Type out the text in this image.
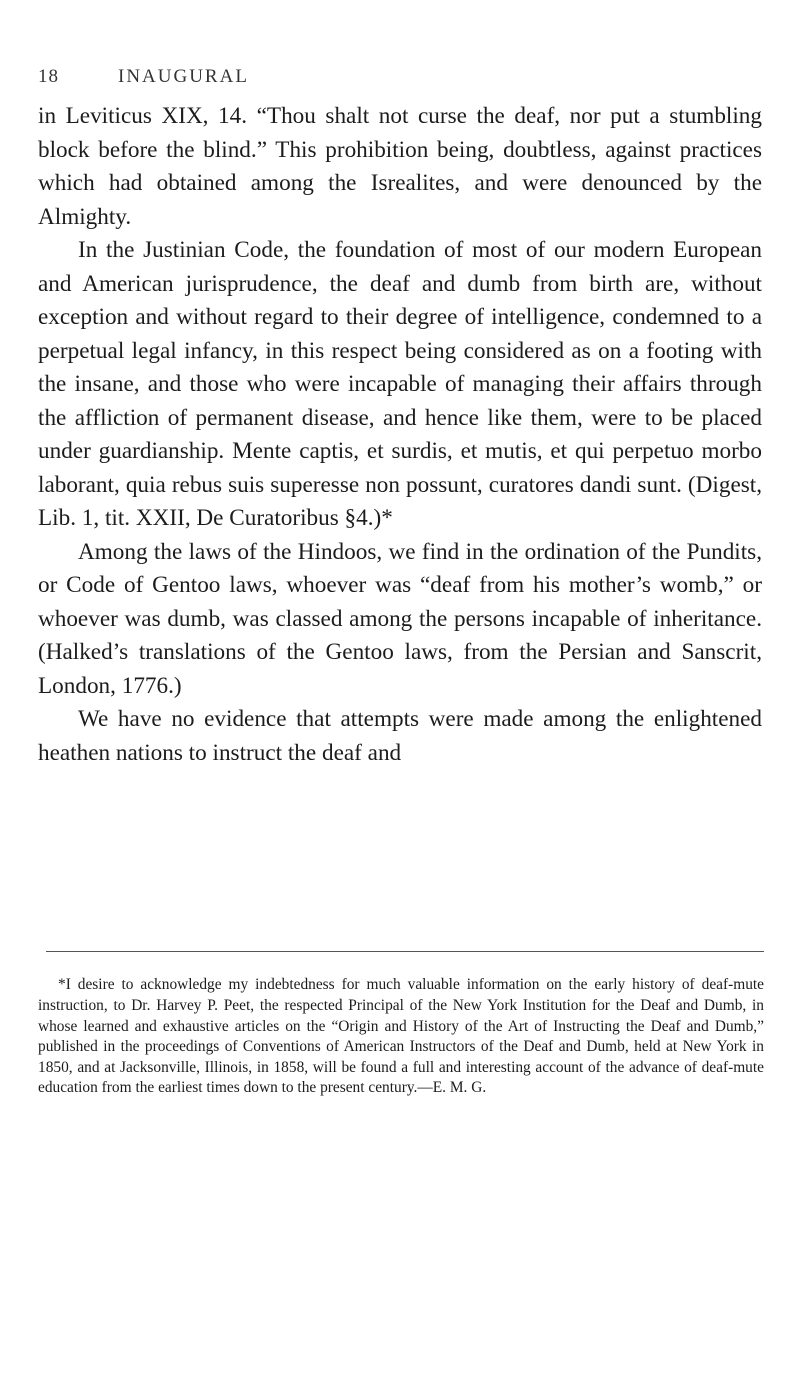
18	INAUGURAL

in Leviticus XIX, 14. “Thou shalt not curse the deaf, nor put a stumbling block before the blind.” This prohibition being, doubtless, against practices which had obtained among the Isrealites, and were denounced by the Almighty.

In the Justinian Code, the foundation of most of our modern European and American jurisprudence, the deaf and dumb from birth are, without exception and without regard to their degree of intelligence, condemned to a perpetual legal infancy, in this respect being considered as on a footing with the insane, and those who were incapable of managing their affairs through the affliction of permanent disease, and hence like them, were to be placed under guardianship. Mente captis, et surdis, et mutis, et qui perpetuo morbo laborant, quia rebus suis superesse non possunt, curatores dandi sunt. (Digest, Lib. 1, tit. XXII, De Curatoribus §4.)*

Among the laws of the Hindoos, we find in the ordination of the Pundits, or Code of Gentoo laws, whoever was “deaf from his mother’s womb,” or whoever was dumb, was classed among the persons incapable of inheritance. (Halked’s translations of the Gentoo laws, from the Persian and Sanscrit, London, 1776.)

We have no evidence that attempts were made among the enlightened heathen nations to instruct the deaf and

*I desire to acknowledge my indebtedness for much valuable information on the early history of deaf-mute instruction, to Dr. Harvey P. Peet, the respected Principal of the New York Institution for the Deaf and Dumb, in whose learned and exhaustive articles on the “Origin and History of the Art of Instructing the Deaf and Dumb,” published in the proceedings of Conventions of American Instructors of the Deaf and Dumb, held at New York in 1850, and at Jacksonville, Illinois, in 1858, will be found a full and interesting account of the advance of deaf-mute education from the earliest times down to the present century.—E. M. G.
